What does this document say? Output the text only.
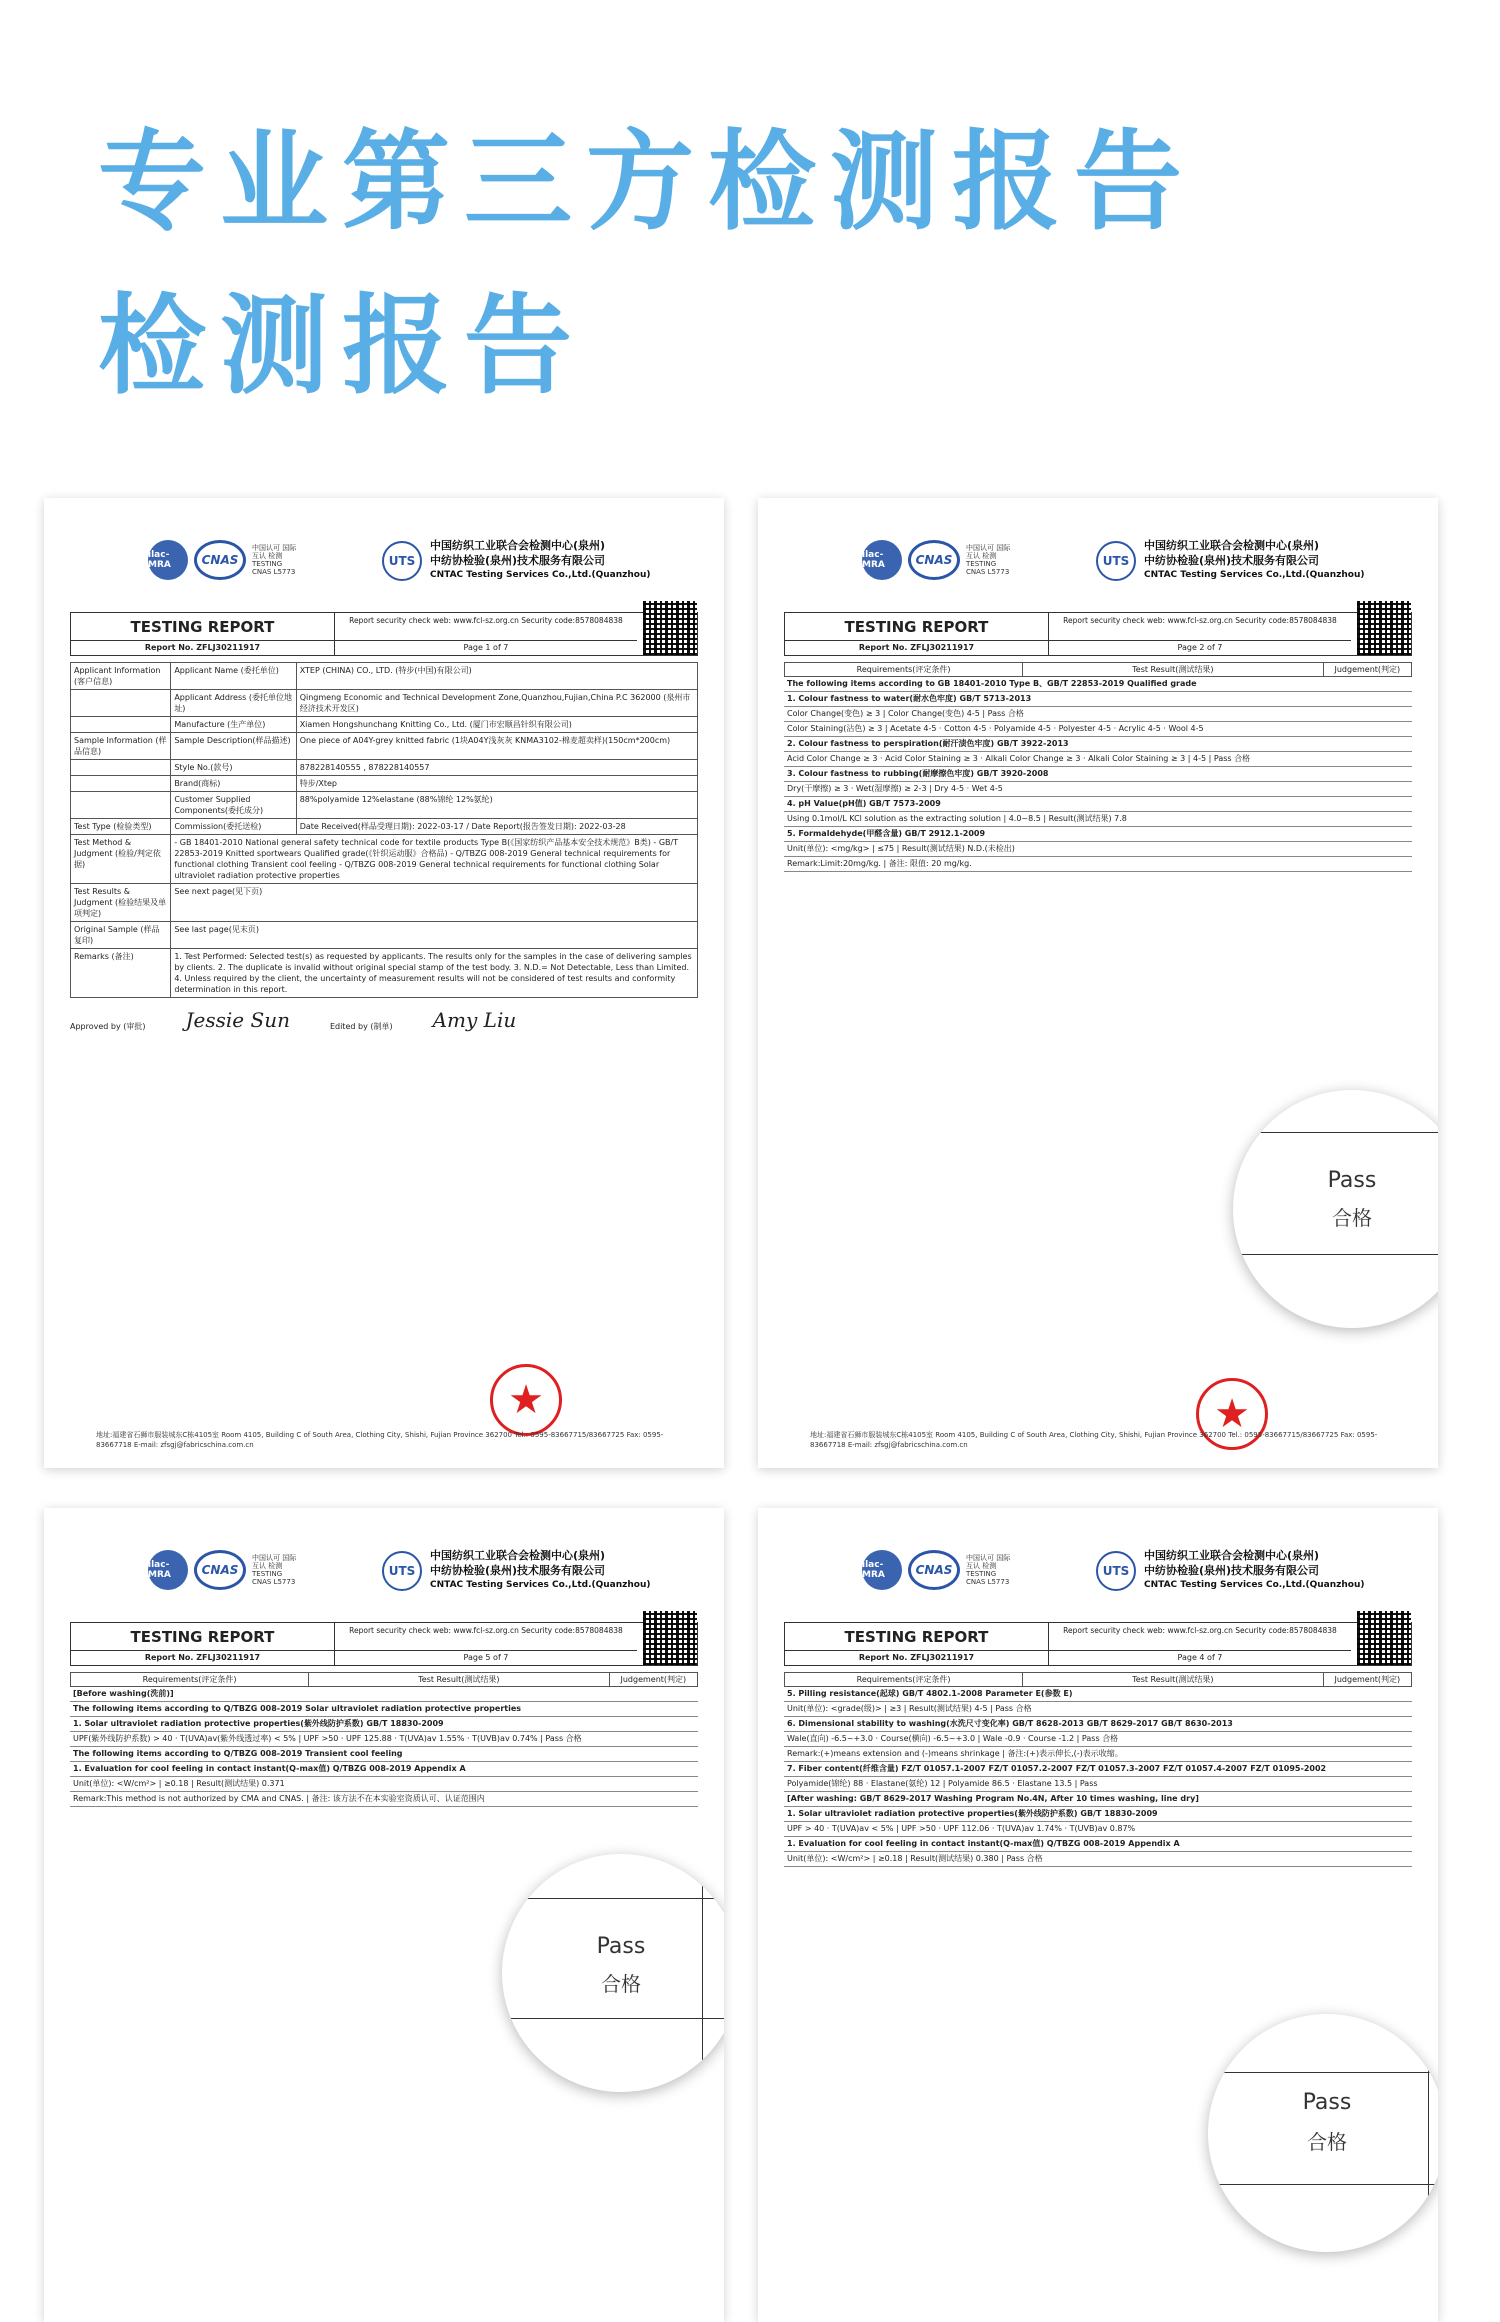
专业第三方检测报告
检测报告
ilac-MRA	CNAS
中国认可 国际互认 检测 TESTING CNAS L5773
UTS
中国纺织工业联合会检测中心(泉州)
中纺协检验(泉州)技术服务有限公司
CNTAC Testing Services Co.,Ltd.(Quanzhou)
TESTING REPORT
Report No. ZFLJ30211917
Report security check web: www.fcl-sz.org.cn Security code:8578084838
Page 1 of 7
Applicant Information (客户信息)	Applicant Name (委托单位)	XTEP (CHINA) CO., LTD. (特步(中国)有限公司)
	Applicant Address (委托单位地址)	Qingmeng Economic and Technical Development Zone,Quanzhou,Fujian,China P.C 362000 (泉州市经济技术开发区)
	Manufacture (生产单位)	Xiamen Hongshunchang Knitting Co., Ltd. (厦门市宏顺昌针织有限公司)
Sample Information (样品信息)	Sample Description(样品描述)	One piece of A04Y-grey knitted fabric (1块A04Y浅灰灰 KNMA3102-棉麦超卖样)(150cm*200cm)
	Style No.(款号)	878228140555 , 878228140557
	Brand(商标)	特步/Xtep
	Customer Supplied Components(委托成分)	88%polyamide 12%elastane (88%锦纶 12%氨纶)
Test Type (检验类型)	Commission(委托送检)	Date Received(样品受理日期): 2022-03-17 / Date Report(报告签发日期): 2022-03-28
Test Method & Judgment (检验/判定依据)	- GB 18401-2010 National general safety technical code for textile products Type B(《国家纺织产品基本安全技术规范》B类) - GB/T 22853-2019 Knitted sportwears Qualified grade(《针织运动服》合格品) - Q/TBZG 008-2019 General technical requirements for functional clothing Transient cool feeling - Q/TBZG 008-2019 General technical requirements for functional clothing Solar ultraviolet radiation protective properties	
Test Results & Judgment (检验结果及单项判定)	See next page(见下页)	
Original Sample (样品复印)	See last page(见末页)	
Remarks (备注)	1. Test Performed: Selected test(s) as requested by applicants. The results only for the samples in the case of delivering samples by clients. 2. The duplicate is invalid without original special stamp of the test body. 3. N.D.= Not Detectable, Less than Limited. 4. Unless required by the client, the uncertainty of measurement results will not be considered of test results and conformity determination in this report.	
Approved by (审批) Jessie Sun	Edited by (制单) Amy Liu
★
地址:福建省石狮市服装城东C栋4105室 Room 4105, Building C of South Area, Clothing City, Shishi, Fujian Province 362700 Tel.: 0595-83667715/83667725 Fax: 0595-83667718 E-mail: zfsgj@fabricschina.com.cn
ilac-MRA	CNAS
中国认可 国际互认 检测 TESTING CNAS L5773
UTS
中国纺织工业联合会检测中心(泉州)
中纺协检验(泉州)技术服务有限公司
CNTAC Testing Services Co.,Ltd.(Quanzhou)
TESTING REPORT
Report No. ZFLJ30211917
Report security check web: www.fcl-sz.org.cn Security code:8578084838
Page 2 of 7
Requirements(评定条件)	Test Result(测试结果)	Judgement(判定)
The following items according to GB 18401-2010 Type B、GB/T 22853-2019 Qualified grade
1. Colour fastness to water(耐水色牢度) GB/T 5713-2013
Color Change(变色) ≥ 3 | Color Change(变色) 4-5 | Pass 合格
Color Staining(沾色) ≥ 3 | Acetate 4-5 · Cotton 4-5 · Polyamide 4-5 · Polyester 4-5 · Acrylic 4-5 · Wool 4-5
2. Colour fastness to perspiration(耐汗渍色牢度) GB/T 3922-2013
Acid Color Change ≥ 3 · Acid Color Staining ≥ 3 · Alkali Color Change ≥ 3 · Alkali Color Staining ≥ 3 | 4-5 | Pass 合格
3. Colour fastness to rubbing(耐摩擦色牢度) GB/T 3920-2008
Dry(干摩擦) ≥ 3 · Wet(湿摩擦) ≥ 2-3 | Dry 4-5 · Wet 4-5
4. pH Value(pH值) GB/T 7573-2009
Using 0.1mol/L KCl solution as the extracting solution | 4.0~8.5 | Result(测试结果) 7.8
5. Formaldehyde(甲醛含量) GB/T 2912.1-2009
Unit(单位): <mg/kg> | ≤75 | Result(测试结果) N.D.(未检出)
Remark:Limit:20mg/kg. | 备注: 限值: 20 mg/kg.
Pass
合格
★
地址:福建省石狮市服装城东C栋4105室 Room 4105, Building C of South Area, Clothing City, Shishi, Fujian Province 362700 Tel.: 0595-83667715/83667725 Fax: 0595-83667718 E-mail: zfsgj@fabricschina.com.cn
ilac-MRA	CNAS
中国认可 国际互认 检测 TESTING CNAS L5773
UTS
中国纺织工业联合会检测中心(泉州)
中纺协检验(泉州)技术服务有限公司
CNTAC Testing Services Co.,Ltd.(Quanzhou)
TESTING REPORT
Report No. ZFLJ30211917
Report security check web: www.fcl-sz.org.cn Security code:8578084838
Page 5 of 7
Requirements(评定条件)	Test Result(测试结果)	Judgement(判定)
[Before washing(洗前)]
The following items according to Q/TBZG 008-2019 Solar ultraviolet radiation protective properties
1. Solar ultraviolet radiation protective properties(紫外线防护系数) GB/T 18830-2009
UPF(紫外线防护系数) > 40 · T(UVA)av(紫外线透过率) < 5% | UPF >50 · UPF 125.88 · T(UVA)av 1.55% · T(UVB)av 0.74% | Pass 合格
The following items according to Q/TBZG 008-2019 Transient cool feeling
1. Evaluation for cool feeling in contact instant(Q-max值) Q/TBZG 008-2019 Appendix A
Unit(单位): <W/cm²> | ≥0.18 | Result(测试结果) 0.371
Remark:This method is not authorized by CMA and CNAS. | 备注: 该方法不在本实验室资质认可、认证范围内
Pass
合格
ilac-MRA	CNAS
中国认可 国际互认 检测 TESTING CNAS L5773
UTS
中国纺织工业联合会检测中心(泉州)
中纺协检验(泉州)技术服务有限公司
CNTAC Testing Services Co.,Ltd.(Quanzhou)
TESTING REPORT
Report No. ZFLJ30211917
Report security check web: www.fcl-sz.org.cn Security code:8578084838
Page 4 of 7
Requirements(评定条件)	Test Result(测试结果)	Judgement(判定)
5. Pilling resistance(起球) GB/T 4802.1-2008 Parameter E(参数 E)
Unit(单位): <grade(级)> | ≥3 | Result(测试结果) 4-5 | Pass 合格
6. Dimensional stability to washing(水洗尺寸变化率) GB/T 8628-2013 GB/T 8629-2017 GB/T 8630-2013
Wale(直向) -6.5~+3.0 · Course(横向) -6.5~+3.0 | Wale -0.9 · Course -1.2 | Pass 合格
Remark:(+)means extension and (-)means shrinkage | 备注:(+)表示伸长,(-)表示收缩。
7. Fiber content(纤维含量) FZ/T 01057.1-2007 FZ/T 01057.2-2007 FZ/T 01057.3-2007 FZ/T 01057.4-2007 FZ/T 01095-2002
Polyamide(锦纶) 88 · Elastane(氨纶) 12 | Polyamide 86.5 · Elastane 13.5 | Pass
[After washing: GB/T 8629-2017 Washing Program No.4N, After 10 times washing, line dry]
1. Solar ultraviolet radiation protective properties(紫外线防护系数) GB/T 18830-2009
UPF > 40 · T(UVA)av < 5% | UPF >50 · UPF 112.06 · T(UVA)av 1.74% · T(UVB)av 0.87%
1. Evaluation for cool feeling in contact instant(Q-max值) Q/TBZG 008-2019 Appendix A
Unit(单位): <W/cm²> | ≥0.18 | Result(测试结果) 0.380 | Pass 合格
Pass
合格
